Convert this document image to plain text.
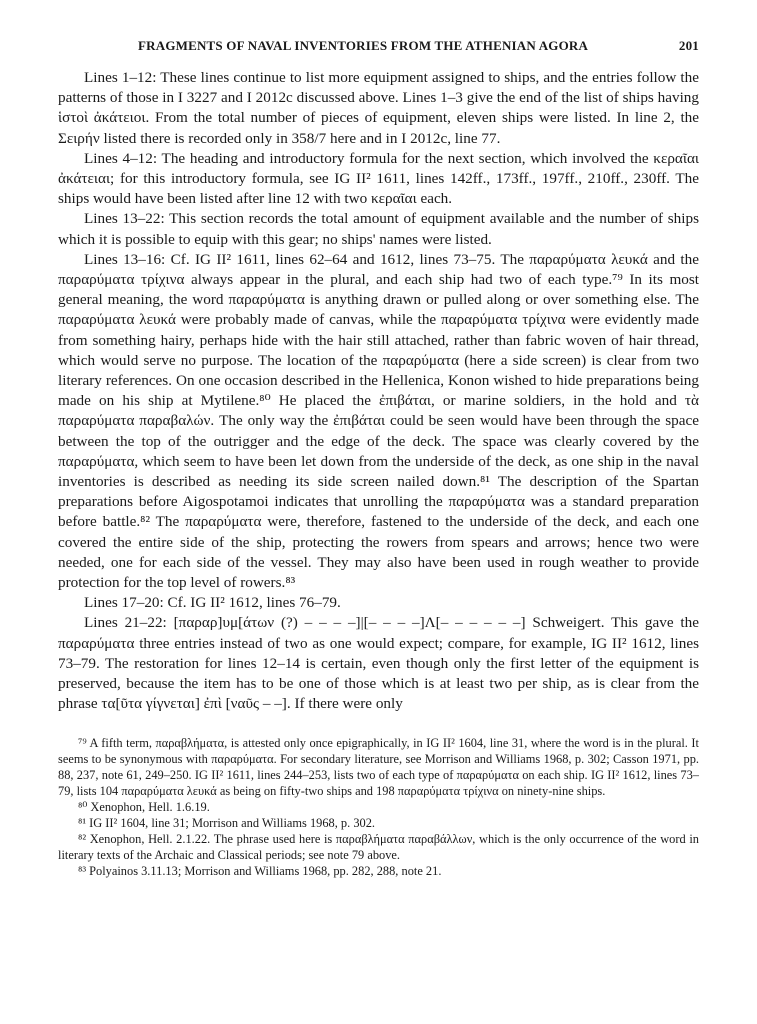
FRAGMENTS OF NAVAL INVENTORIES FROM THE ATHENIAN AGORA	201

Lines 1–12: These lines continue to list more equipment assigned to ships, and the entries follow the patterns of those in I 3227 and I 2012c discussed above. Lines 1–3 give the end of the list of ships having ἱστοὶ ἀκάτειοι. From the total number of pieces of equipment, eleven ships were listed. In line 2, the Σειρήν listed there is recorded only in 358/7 here and in I 2012c, line 77.

Lines 4–12: The heading and introductory formula for the next section, which involved the κεραῖαι ἀκάτειαι; for this introductory formula, see IG II² 1611, lines 142ff., 173ff., 197ff., 210ff., 230ff. The ships would have been listed after line 12 with two κεραῖαι each.

Lines 13–22: This section records the total amount of equipment available and the number of ships which it is possible to equip with this gear; no ships' names were listed.

Lines 13–16: Cf. IG II² 1611, lines 62–64 and 1612, lines 73–75. The παραρύματα λευκά and the παραρύματα τρίχινα always appear in the plural, and each ship had two of each type.⁷⁹ In its most general meaning, the word παραρύματα is anything drawn or pulled along or over something else. The παραρύματα λευκά were probably made of canvas, while the παραρύματα τρίχινα were evidently made from something hairy, perhaps hide with the hair still attached, rather than fabric woven of hair thread, which would serve no purpose. The location of the παραρύματα (here a side screen) is clear from two literary references. On one occasion described in the Hellenica, Konon wished to hide preparations being made on his ship at Mytilene.⁸⁰ He placed the ἐπιβάται, or marine soldiers, in the hold and τὰ παραρύματα παραβαλών. The only way the ἐπιβάται could be seen would have been through the space between the top of the outrigger and the edge of the deck. The space was clearly covered by the παραρύματα, which seem to have been let down from the underside of the deck, as one ship in the naval inventories is described as needing its side screen nailed down.⁸¹ The description of the Spartan preparations before Aigospotamoi indicates that unrolling the παραρύματα was a standard preparation before battle.⁸² The παραρύματα were, therefore, fastened to the underside of the deck, and each one covered the entire side of the ship, protecting the rowers from spears and arrows; hence two were needed, one for each side of the vessel. They may also have been used in rough weather to provide protection for the top level of rowers.⁸³

Lines 17–20: Cf. IG II² 1612, lines 76–79.

Lines 21–22: [παραρ]υμ[άτων (?) – – – –]|[– – – –]Λ[– – – – – –] Schweigert. This gave the παραρύματα three entries instead of two as one would expect; compare, for example, IG II² 1612, lines 73–79. The restoration for lines 12–14 is certain, even though only the first letter of the equipment is preserved, because the item has to be one of those which is at least two per ship, as is clear from the phrase τα[ῦτα γίγνεται] ἐπὶ [ναῦς – –]. If there were only

⁷⁹ A fifth term, παραβλήματα, is attested only once epigraphically, in IG II² 1604, line 31, where the word is in the plural. It seems to be synonymous with παραρύματα. For secondary literature, see Morrison and Williams 1968, p. 302; Casson 1971, pp. 88, 237, note 61, 249–250. IG II² 1611, lines 244–253, lists two of each type of παραρύματα on each ship. IG II² 1612, lines 73–79, lists 104 παραρύματα λευκά as being on fifty-two ships and 198 παραρύματα τρίχινα on ninety-nine ships.

⁸⁰ Xenophon, Hell. 1.6.19.

⁸¹ IG II² 1604, line 31; Morrison and Williams 1968, p. 302.

⁸² Xenophon, Hell. 2.1.22. The phrase used here is παραβλήματα παραβάλλων, which is the only occurrence of the word in literary texts of the Archaic and Classical periods; see note 79 above.

⁸³ Polyainos 3.11.13; Morrison and Williams 1968, pp. 282, 288, note 21.
